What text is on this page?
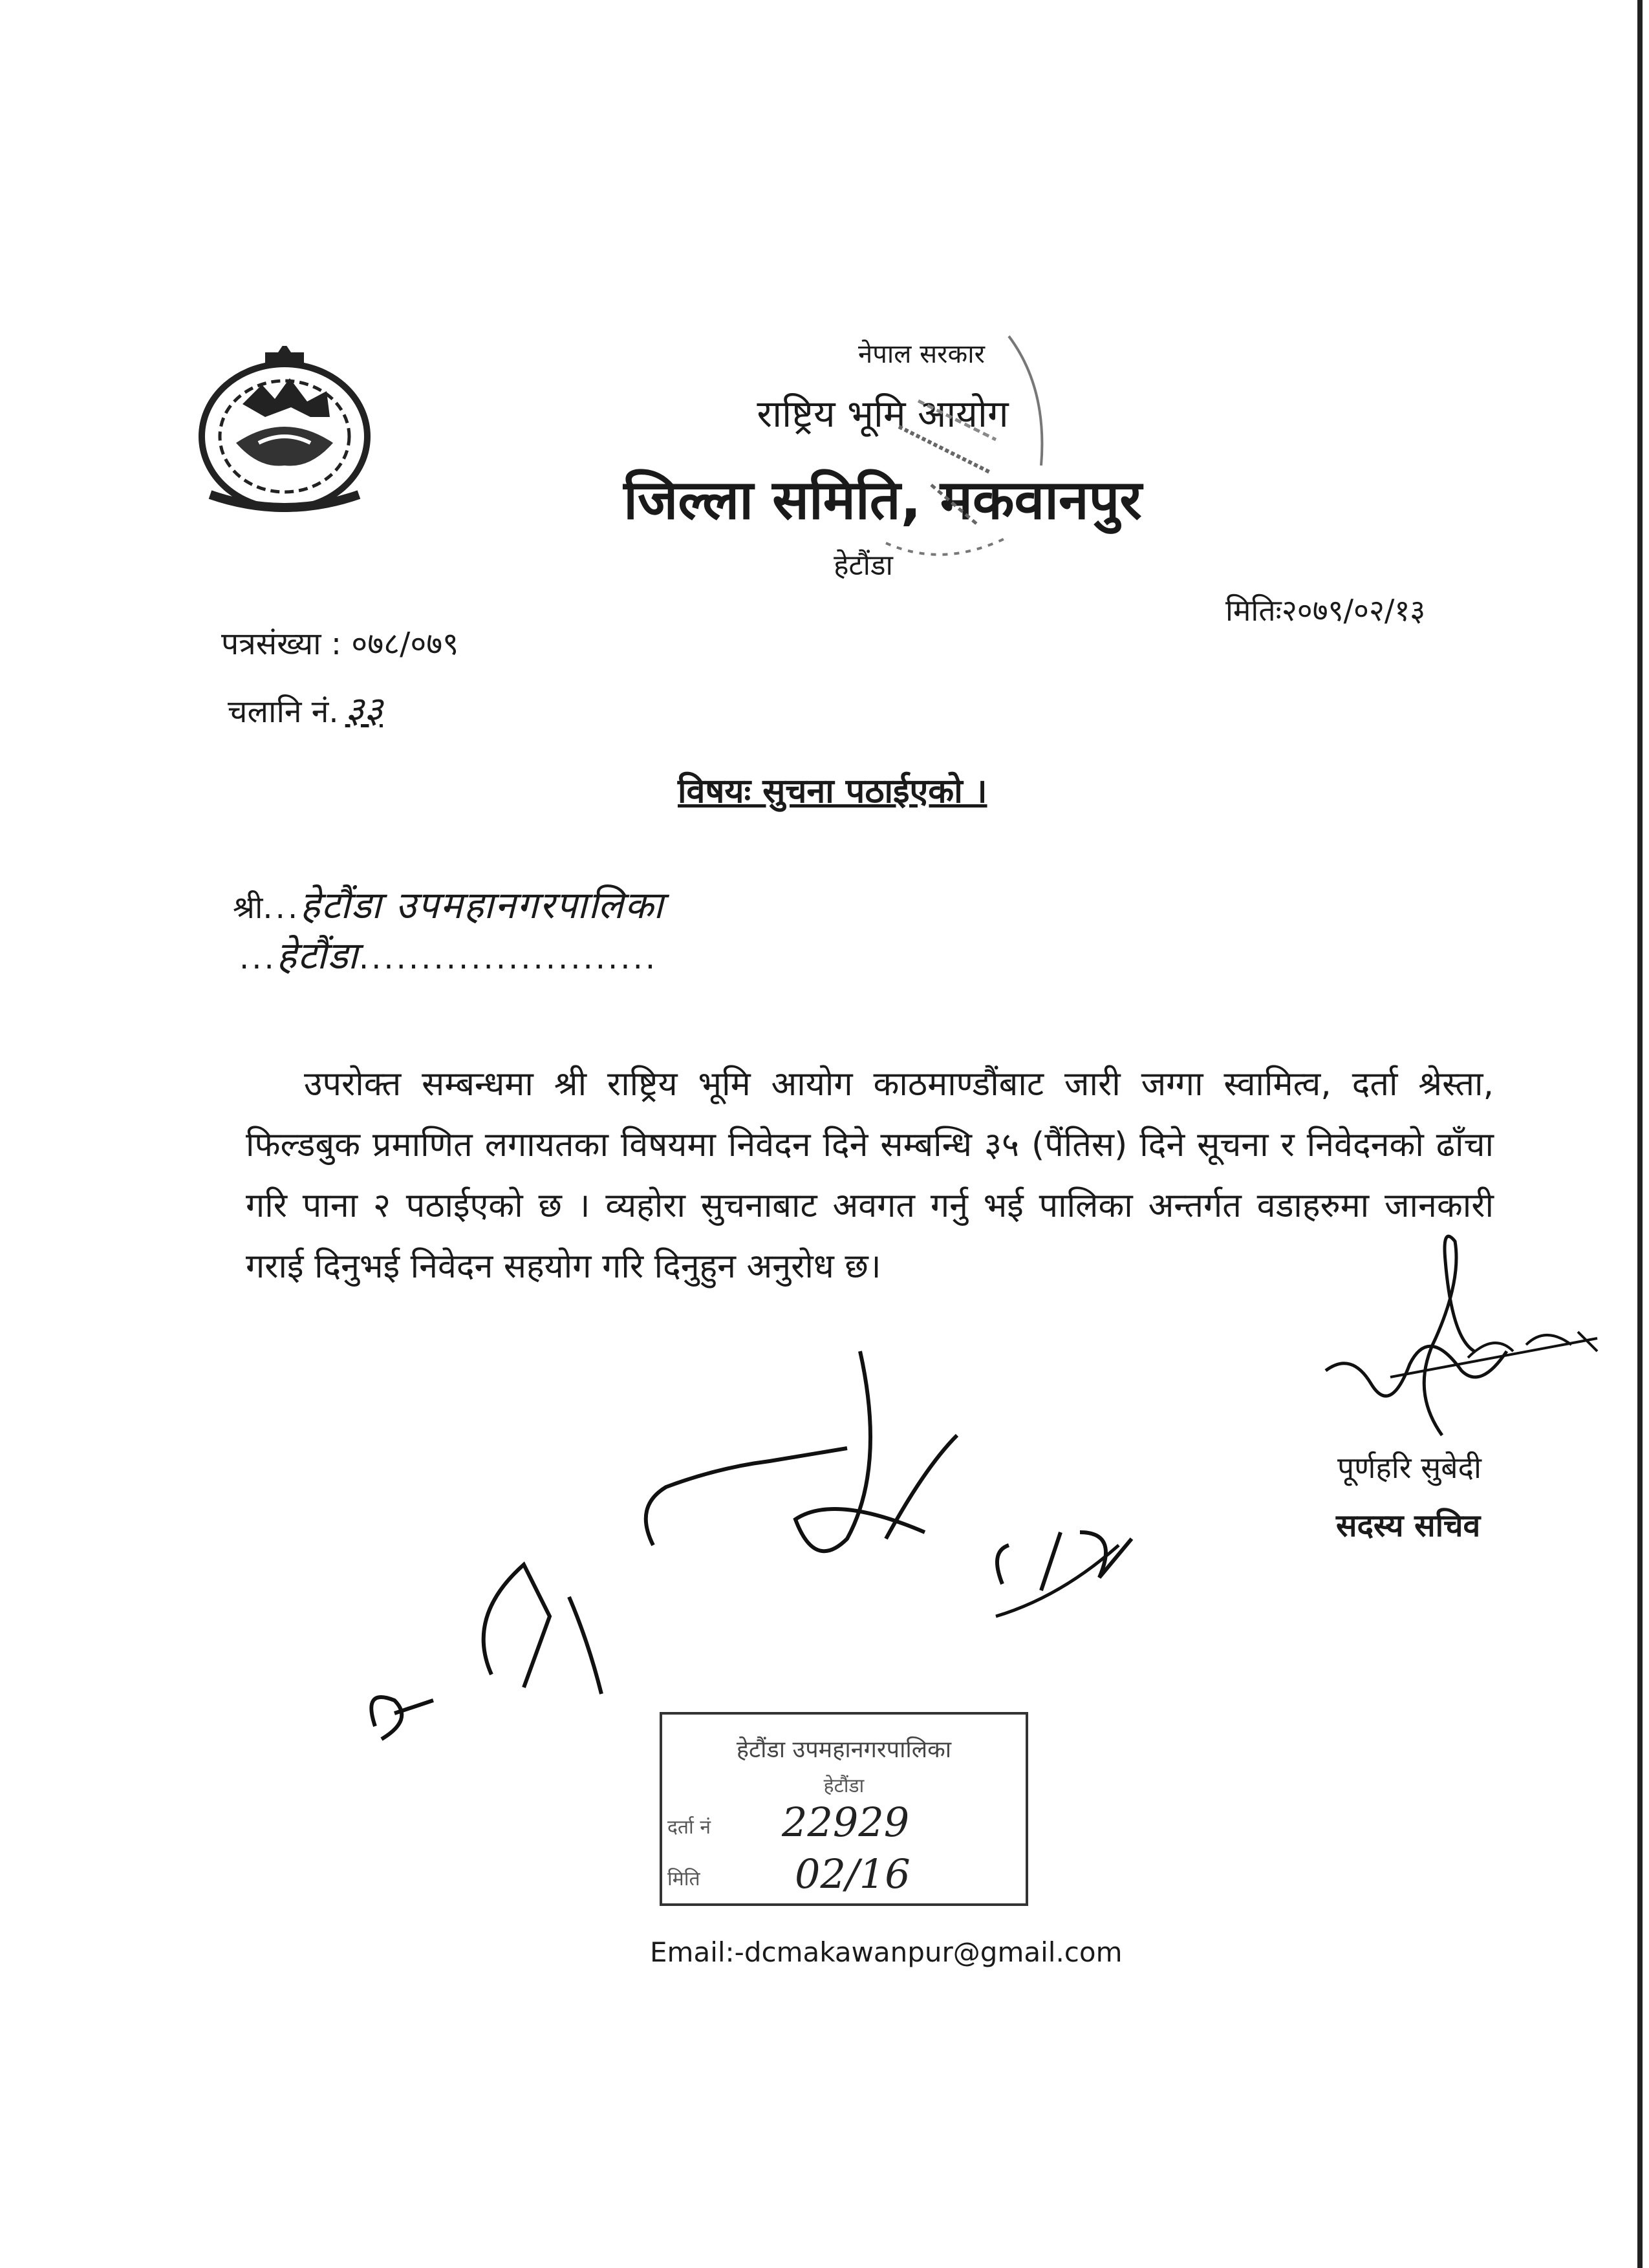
नेपाल सरकार
राष्ट्रिय भूमि आयोग
जिल्ला समिति, मकवानपुर
हेटौंडा
मितिः२०७९/०२/१३
पत्रसंख्या : ०७८/०७९
चलानि नं. ३३
विषयः सुचना पठाईएको ।
श्री...हेटौंडा उपमहानगरपालिका
...हेटौंडा........................
उपरोक्त सम्बन्धमा श्री राष्ट्रिय भूमि आयोग काठमाण्डौंबाट जारी जग्गा स्वामित्व, दर्ता श्रेस्ता, फिल्डबुक प्रमाणित लगायतका विषयमा निवेदन दिने सम्बन्धि ३५ (पैंतिस) दिने सूचना र निवेदनको ढाँचा गरि पाना २ पठाईएको छ । व्यहोरा सुचनाबाट अवगत गर्नु भई पालिका अन्तर्गत वडाहरुमा जानकारी गराई दिनुभई निवेदन सहयोग गरि दिनुहुन अनुरोध छ।
पूर्णहरि सुबेदी
सदस्य सचिव
हेटौंडा उपमहानगरपालिका
हेटौंडा
दर्ता नं 22929
मिति 02/16
Email:-dcmakawanpur@gmail.com
